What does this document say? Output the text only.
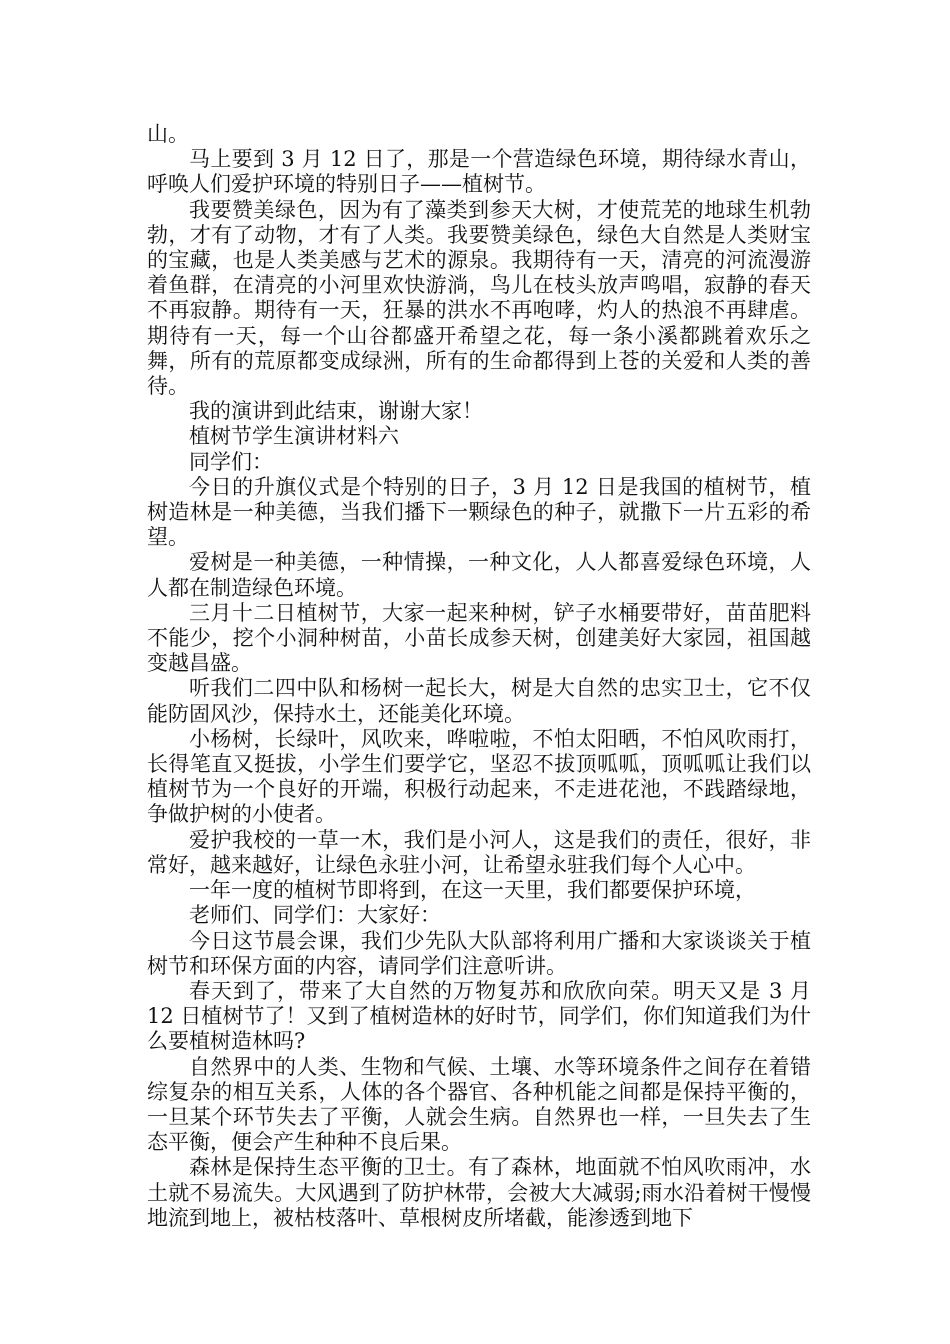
山。

马上要到 3 月 12 日了，那是一个营造绿色环境，期待绿水青山，呼唤人们爱护环境的特别日子——植树节。

我要赞美绿色，因为有了藻类到参天大树，才使荒芜的地球生机勃勃，才有了动物，才有了人类。我要赞美绿色，绿色大自然是人类财宝的宝藏，也是人类美感与艺术的源泉。我期待有一天，清亮的河流漫游着鱼群，在清亮的小河里欢快游淌，鸟儿在枝头放声鸣唱，寂静的春天不再寂静。期待有一天，狂暴的洪水不再咆哮，灼人的热浪不再肆虐。期待有一天，每一个山谷都盛开希望之花，每一条小溪都跳着欢乐之舞，所有的荒原都变成绿洲，所有的生命都得到上苍的关爱和人类的善待。

我的演讲到此结束，谢谢大家！

植树节学生演讲材料六

同学们：

今日的升旗仪式是个特别的日子，3 月 12 日是我国的植树节，植树造林是一种美德，当我们播下一颗绿色的种子，就撒下一片五彩的希望。

爱树是一种美德，一种情操，一种文化，人人都喜爱绿色环境，人人都在制造绿色环境。

三月十二日植树节，大家一起来种树，铲子水桶要带好，苗苗肥料不能少，挖个小洞种树苗，小苗长成参天树，创建美好大家园，祖国越变越昌盛。

听我们二四中队和杨树一起长大，树是大自然的忠实卫士，它不仅能防固风沙，保持水土，还能美化环境。

小杨树，长绿叶，风吹来，哗啦啦，不怕太阳晒，不怕风吹雨打，长得笔直又挺拔，小学生们要学它，坚忍不拔顶呱呱，顶呱呱让我们以植树节为一个良好的开端，积极行动起来，不走进花池，不践踏绿地，争做护树的小使者。

爱护我校的一草一木，我们是小河人，这是我们的责任，很好，非常好，越来越好，让绿色永驻小河，让希望永驻我们每个人心中。

一年一度的植树节即将到，在这一天里，我们都要保护环境，

老师们、同学们：大家好：

今日这节晨会课，我们少先队大队部将利用广播和大家谈谈关于植树节和环保方面的内容，请同学们注意听讲。

春天到了，带来了大自然的万物复苏和欣欣向荣。明天又是 3 月 12 日植树节了！又到了植树造林的好时节，同学们，你们知道我们为什么要植树造林吗?

自然界中的人类、生物和气候、土壤、水等环境条件之间存在着错综复杂的相互关系，人体的各个器官、各种机能之间都是保持平衡的，一旦某个环节失去了平衡，人就会生病。自然界也一样，一旦失去了生态平衡，便会产生种种不良后果。

森林是保持生态平衡的卫士。有了森林，地面就不怕风吹雨冲，水土就不易流失。大风遇到了防护林带，会被大大减弱;雨水沿着树干慢慢地流到地上，被枯枝落叶、草根树皮所堵截，能渗透到地下
